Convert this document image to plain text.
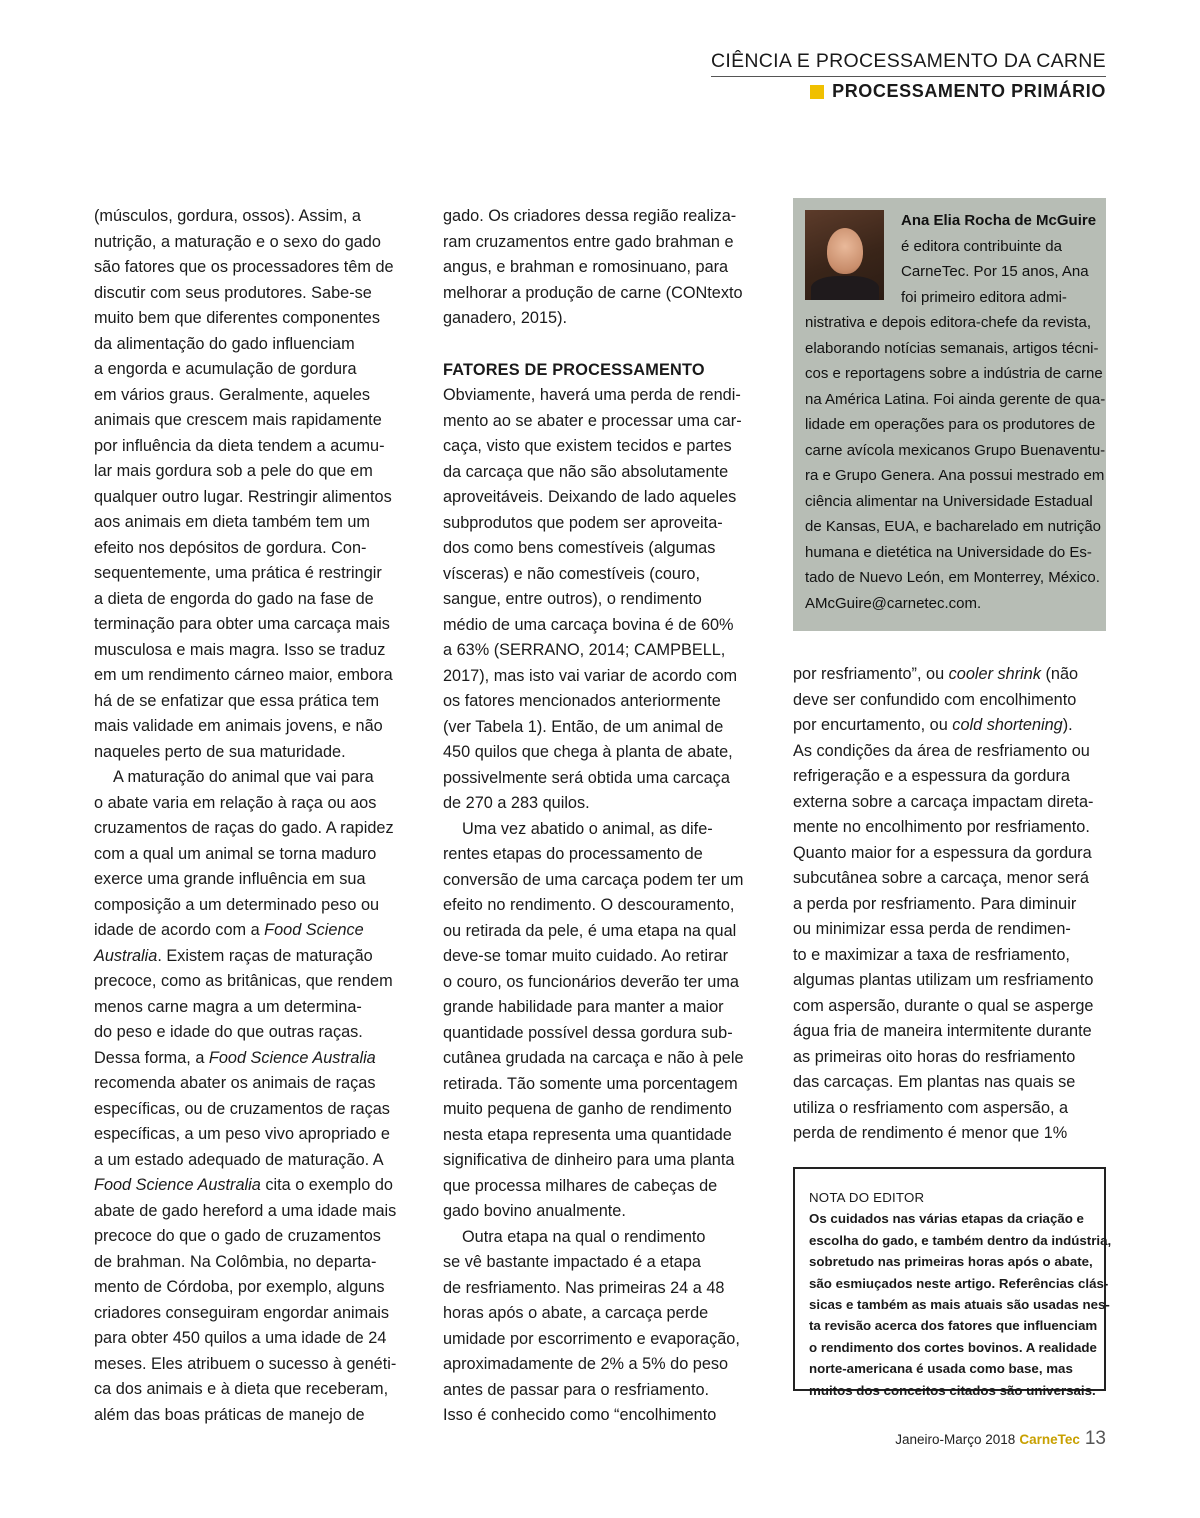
CIÊNCIA E PROCESSAMENTO DA CARNE
PROCESSAMENTO PRIMÁRIO

(músculos, gordura, ossos). Assim, a
nutrição, a maturação e o sexo do gado
são fatores que os processadores têm de
discutir com seus produtores. Sabe-se
muito bem que diferentes componentes
da alimentação do gado influenciam
a engorda e acumulação de gordura
em vários graus. Geralmente, aqueles
animais que crescem mais rapidamente
por influência da dieta tendem a acumu-
lar mais gordura sob a pele do que em
qualquer outro lugar. Restringir alimentos
aos animais em dieta também tem um
efeito nos depósitos de gordura. Con-
sequentemente, uma prática é restringir
a dieta de engorda do gado na fase de
terminação para obter uma carcaça mais
musculosa e mais magra. Isso se traduz
em um rendimento cárneo maior, embora
há de se enfatizar que essa prática tem
mais validade em animais jovens, e não
naqueles perto de sua maturidade.

A maturação do animal que vai para
o abate varia em relação à raça ou aos
cruzamentos de raças do gado. A rapidez
com a qual um animal se torna maduro
exerce uma grande influência em sua
composição a um determinado peso ou
idade de acordo com a Food Science
Australia. Existem raças de maturação
precoce, como as britânicas, que rendem
menos carne magra a um determina-
do peso e idade do que outras raças.
Dessa forma, a Food Science Australia
recomenda abater os animais de raças
específicas, ou de cruzamentos de raças
específicas, a um peso vivo apropriado e
a um estado adequado de maturação. A
Food Science Australia cita o exemplo do
abate de gado hereford a uma idade mais
precoce do que o gado de cruzamentos
de brahman. Na Colômbia, no departa-
mento de Córdoba, por exemplo, alguns
criadores conseguiram engordar animais
para obter 450 quilos a uma idade de 24
meses. Eles atribuem o sucesso à genéti-
ca dos animais e à dieta que receberam,
além das boas práticas de manejo de

gado. Os criadores dessa região realiza-
ram cruzamentos entre gado brahman e
angus, e brahman e romosinuano, para
melhorar a produção de carne (CONtexto
ganadero, 2015).

FATORES DE PROCESSAMENTO

Obviamente, haverá uma perda de rendi-
mento ao se abater e processar uma car-
caça, visto que existem tecidos e partes
da carcaça que não são absolutamente
aproveitáveis. Deixando de lado aqueles
subprodutos que podem ser aproveita-
dos como bens comestíveis (algumas
vísceras) e não comestíveis (couro,
sangue, entre outros), o rendimento
médio de uma carcaça bovina é de 60%
a 63% (SERRANO, 2014; CAMPBELL,
2017), mas isto vai variar de acordo com
os fatores mencionados anteriormente
(ver Tabela 1). Então, de um animal de
450 quilos que chega à planta de abate,
possivelmente será obtida uma carcaça
de 270 a 283 quilos.

Uma vez abatido o animal, as dife-
rentes etapas do processamento de
conversão de uma carcaça podem ter um
efeito no rendimento. O descouramento,
ou retirada da pele, é uma etapa na qual
deve-se tomar muito cuidado. Ao retirar
o couro, os funcionários deverão ter uma
grande habilidade para manter a maior
quantidade possível dessa gordura sub-
cutânea grudada na carcaça e não à pele
retirada. Tão somente uma porcentagem
muito pequena de ganho de rendimento
nesta etapa representa uma quantidade
significativa de dinheiro para uma planta
que processa milhares de cabeças de
gado bovino anualmente.

Outra etapa na qual o rendimento
se vê bastante impactado é a etapa
de resfriamento. Nas primeiras 24 a 48
horas após o abate, a carcaça perde
umidade por escorrimento e evaporação,
aproximadamente de 2% a 5% do peso
antes de passar para o resfriamento.
Isso é conhecido como “encolhimento

Ana Elia Rocha de McGuire
é editora contribuinte da
CarneTec. Por 15 anos, Ana
foi primeiro editora admi-
nistrativa e depois editora-chefe da revista,
elaborando notícias semanais, artigos técni-
cos e reportagens sobre a indústria de carne
na América Latina. Foi ainda gerente de qua-
lidade em operações para os produtores de
carne avícola mexicanos Grupo Buenaventu-
ra e Grupo Genera. Ana possui mestrado em
ciência alimentar na Universidade Estadual
de Kansas, EUA, e bacharelado em nutrição
humana e dietética na Universidade do Es-
tado de Nuevo León, em Monterrey, México.
AMcGuire@carnetec.com.

por resfriamento”, ou cooler shrink (não
deve ser confundido com encolhimento
por encurtamento, ou cold shortening).
As condições da área de resfriamento ou
refrigeração e a espessura da gordura
externa sobre a carcaça impactam direta-
mente no encolhimento por resfriamento.
Quanto maior for a espessura da gordura
subcutânea sobre a carcaça, menor será
a perda por resfriamento. Para diminuir
ou minimizar essa perda de rendimen-
to e maximizar a taxa de resfriamento,
algumas plantas utilizam um resfriamento
com aspersão, durante o qual se asperge
água fria de maneira intermitente durante
as primeiras oito horas do resfriamento
das carcaças. Em plantas nas quais se
utiliza o resfriamento com aspersão, a
perda de rendimento é menor que 1%

NOTA DO EDITOR
Os cuidados nas várias etapas da criação e
escolha do gado, e também dentro da indústria,
sobretudo nas primeiras horas após o abate,
são esmiuçados neste artigo. Referências clás-
sicas e também as mais atuais são usadas nes-
ta revisão acerca dos fatores que influenciam
o rendimento dos cortes bovinos. A realidade
norte-americana é usada como base, mas
muitos dos conceitos citados são universais.
Janeiro-Março 2018 CarneTec 13
